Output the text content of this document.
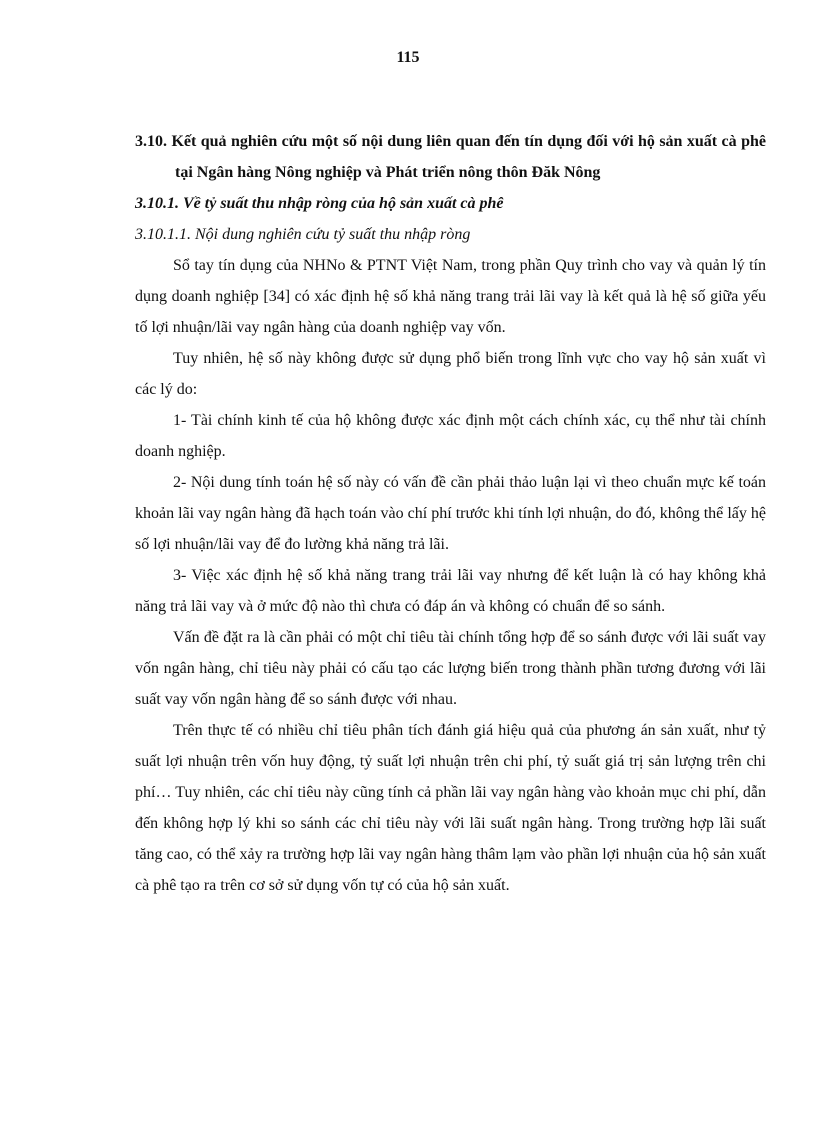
115

3.10. Kết quả nghiên cứu một số nội dung liên quan đến tín dụng đối với hộ sản xuất cà phê tại Ngân hàng Nông nghiệp và Phát triển nông thôn Đăk Nông

3.10.1. Về tỷ suất thu nhập ròng của hộ sản xuất cà phê

3.10.1.1. Nội dung nghiên cứu tỷ suất thu nhập ròng

Sổ tay tín dụng của NHNo & PTNT Việt Nam, trong phần Quy trình cho vay và quản lý tín dụng doanh nghiệp [34] có xác định hệ số khả năng trang trải lãi vay là kết quả là hệ số giữa yếu tố lợi nhuận/lãi vay ngân hàng của doanh nghiệp vay vốn.

Tuy nhiên, hệ số này không được sử dụng phổ biến trong lĩnh vực cho vay hộ sản xuất vì các lý do:

1- Tài chính kinh tế của hộ không được xác định một cách chính xác, cụ thể như tài chính doanh nghiệp.

2- Nội dung tính toán hệ số này có vấn đề cần phải thảo luận lại vì theo chuẩn mực kế toán khoản lãi vay ngân hàng đã hạch toán vào chí phí trước khi tính lợi nhuận, do đó, không thể lấy hệ số lợi nhuận/lãi vay để đo lường khả năng trả lãi.

3- Việc xác định hệ số khả năng trang trải lãi vay nhưng để kết luận là có hay không khả năng trả lãi vay và ở mức độ nào thì chưa có đáp án và không có chuẩn để so sánh.

Vấn đề đặt ra là cần phải có một chỉ tiêu tài chính tổng hợp để so sánh được với lãi suất vay vốn ngân hàng, chỉ tiêu này phải có cấu tạo các lượng biến trong thành phần tương đương với lãi suất vay vốn ngân hàng để so sánh được với nhau.

Trên thực tế có nhiều chỉ tiêu phân tích đánh giá hiệu quả của phương án sản xuất, như tỷ suất lợi nhuận trên vốn huy động, tỷ suất lợi nhuận trên chi phí, tỷ suất giá trị sản lượng trên chi phí… Tuy nhiên, các chỉ tiêu này cũng tính cả phần lãi vay ngân hàng vào khoản mục chi phí, dẫn đến không hợp lý khi so sánh các chỉ tiêu này với lãi suất ngân hàng. Trong trường hợp lãi suất tăng cao, có thể xảy ra trường hợp lãi vay ngân hàng thâm lạm vào phần lợi nhuận của hộ sản xuất cà phê tạo ra trên cơ sở sử dụng vốn tự có của hộ sản xuất.
